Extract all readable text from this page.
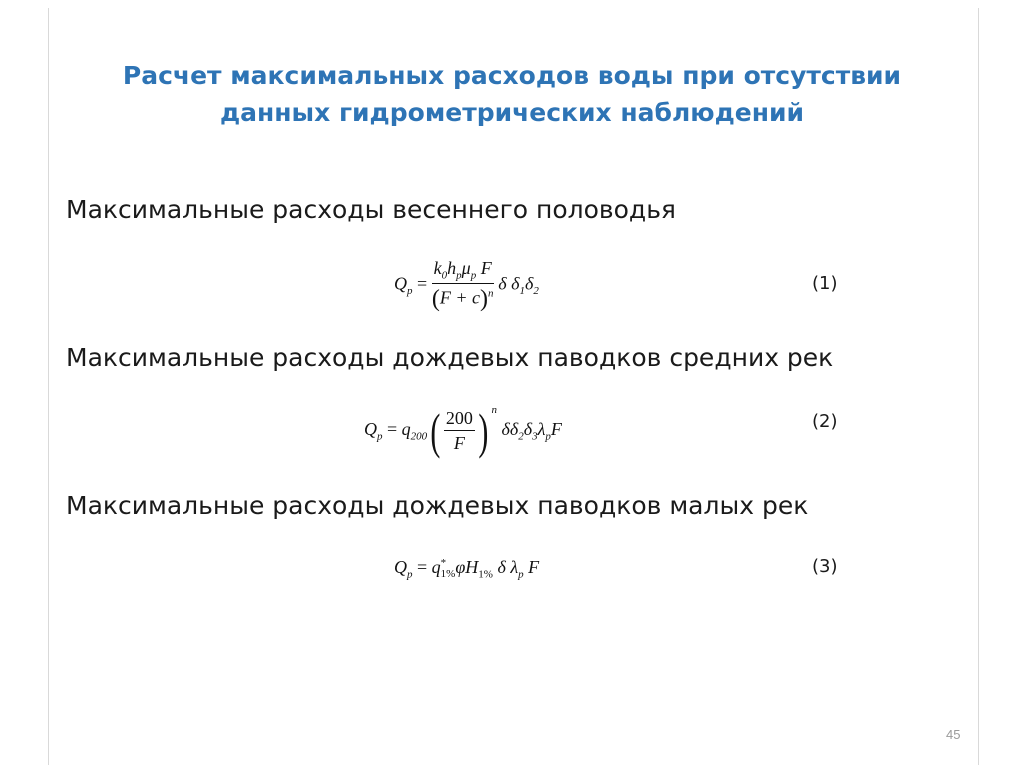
Расчет максимальных расходов воды при отсутствии
данных гидрометрических наблюдений
Максимальные расходы весеннего половодья
$Q_p = \frac{k_0h_p\mu_p F}{(F + c)^n}$ δ $\delta_1\delta_2$	(1)
Максимальные расходы дождевых паводков средних рек
$Q_p = q_{200}( \frac{200}{F}$ ) $^n$ $\delta\delta_2\delta_3\lambda_pF$	(2)
Максимальные расходы дождевых паводков малых рек
$Q_p = q$ *
1% $\varphi H_{1\%}$ δ $\lambda_p$ F	(3)
45
